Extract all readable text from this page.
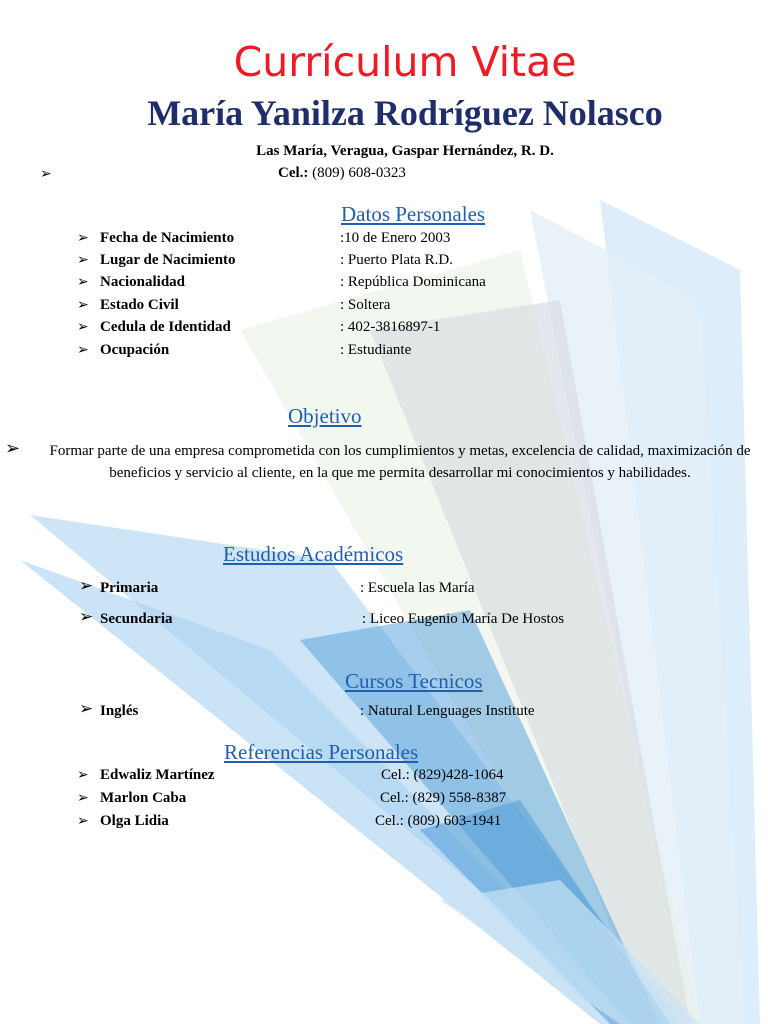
Currículum Vitae
María Yanilza Rodríguez Nolasco
Las María, Veragua, Gaspar Hernández, R. D.
➢	Cel.: (809) 608-0323
Datos Personales
➢ Fecha de Nacimiento	:10 de Enero 2003
➢ Lugar de Nacimiento	: Puerto Plata R.D.
➢ Nacionalidad	: República Dominicana
➢ Estado Civil	: Soltera
➢ Cedula de Identidad	: 402-3816897-1
➢ Ocupación	: Estudiante
Objetivo
➢	Formar parte de una empresa comprometida con los cumplimientos y metas, excelencia de calidad, maximización de beneficios y servicio al cliente, en la que me permita desarrollar mi conocimientos y habilidades.
Estudios Académicos
➢ Primaria	: Escuela las María
➢ Secundaria	: Liceo Eugenio María De Hostos
Cursos Tecnicos
➢ Inglés	: Natural Lenguages Institute
Referencias Personales
➢ Edwaliz Martínez	Cel.: (829)428-1064
➢ Marlon Caba	Cel.: (829) 558-8387
➢ Olga Lidia	Cel.: (809) 603-1941
